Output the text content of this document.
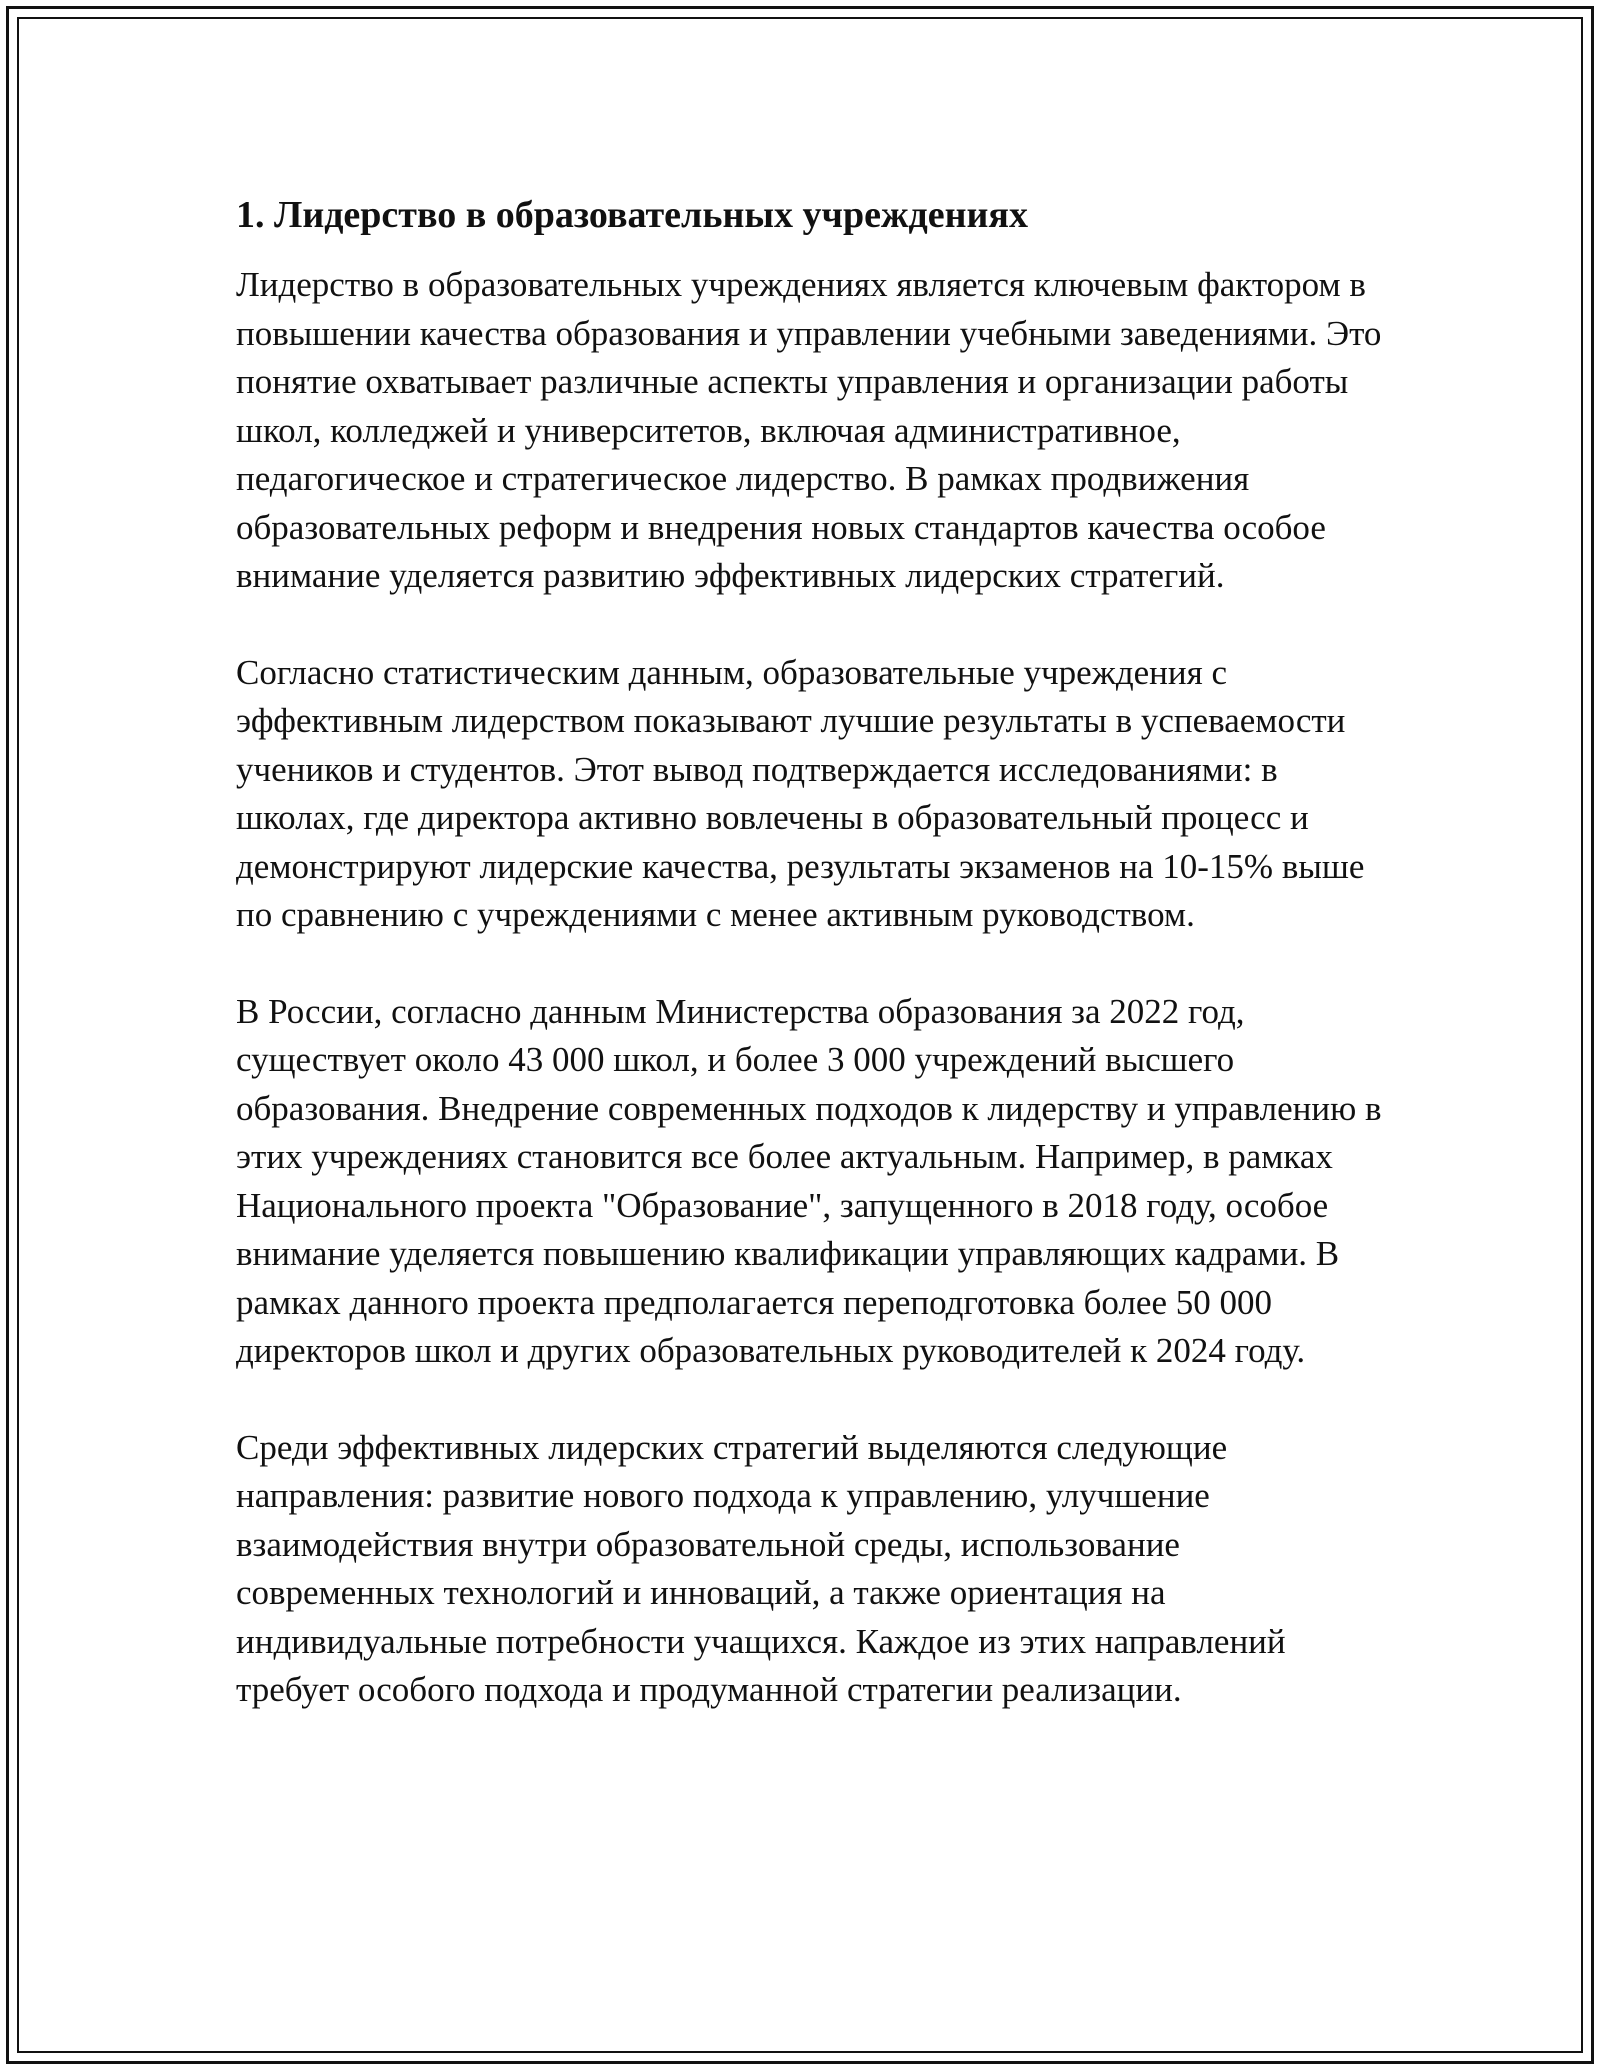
1. Лидерство в образовательных учреждениях

Лидерство в образовательных учреждениях является ключевым фактором в повышении качества образования и управлении учебными заведениями. Это понятие охватывает различные аспекты управления и организации работы школ, колледжей и университетов, включая административное, педагогическое и стратегическое лидерство. В рамках продвижения образовательных реформ и внедрения новых стандартов качества особое внимание уделяется развитию эффективных лидерских стратегий.

Согласно статистическим данным, образовательные учреждения с эффективным лидерством показывают лучшие результаты в успеваемости учеников и студентов. Этот вывод подтверждается исследованиями: в школах, где директора активно вовлечены в образовательный процесс и демонстрируют лидерские качества, результаты экзаменов на 10-15% выше по сравнению с учреждениями с менее активным руководством.

В России, согласно данным Министерства образования за 2022 год, существует около 43 000 школ, и более 3 000 учреждений высшего образования. Внедрение современных подходов к лидерству и управлению в этих учреждениях становится все более актуальным. Например, в рамках Национального проекта "Образование", запущенного в 2018 году, особое внимание уделяется повышению квалификации управляющих кадрами. В рамках данного проекта предполагается переподготовка более 50 000 директоров школ и других образовательных руководителей к 2024 году.

Среди эффективных лидерских стратегий выделяются следующие направления: развитие нового подхода к управлению, улучшение взаимодействия внутри образовательной среды, использование современных технологий и инноваций, а также ориентация на индивидуальные потребности учащихся. Каждое из этих направлений требует особого подхода и продуманной стратегии реализации.
